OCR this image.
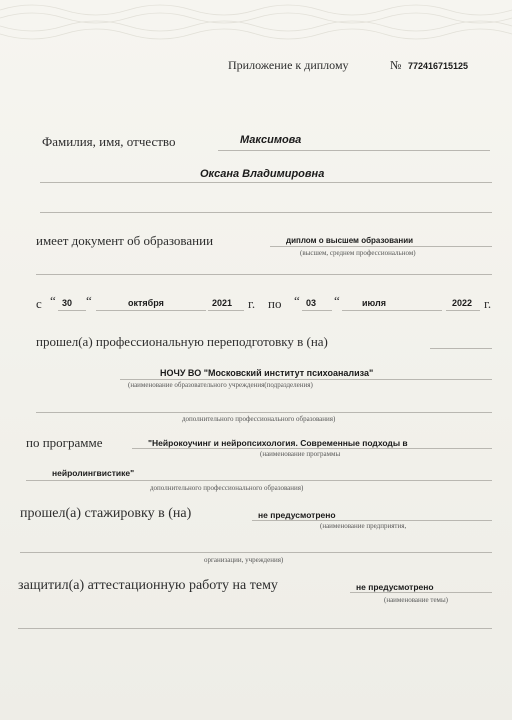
Приложение к диплому	№ 772416715125
Фамилия, имя, отчество	Максимова
Оксана Владимировна
имеет документ об образовании	диплом о высшем образовании
(высшем, среднем профессиональном)
с “ 30 “	октября	2021 г. по “ 03 “ июля	2022 г.
прошел(а) профессиональную переподготовку в (на)
НОЧУ ВО "Московский институт психоанализа"
(наименование образовательного учреждения(подразделения)
дополнительного профессионального образования)
по программе	"Нейрокоучинг и нейропсихология. Современные подходы в
(наименование программы
нейролингвистике"
дополнительного профессионального образования)
прошел(а) стажировку в (на)	не предусмотрено
(наименование предприятия,
организации, учреждения)
защитил(а) аттестационную работу на тему	не предусмотрено
(наименование темы)
